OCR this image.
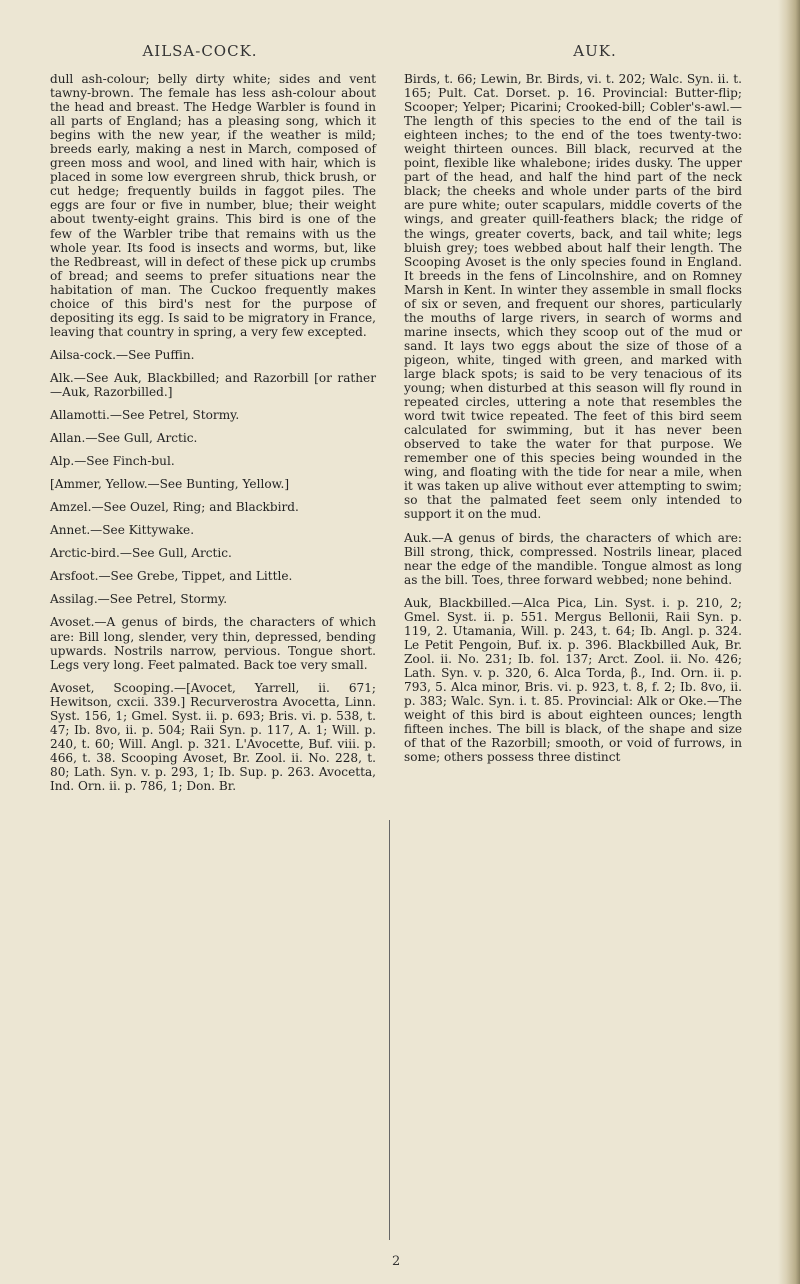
AILSA-COCK.	AUK.

dull ash-colour; belly dirty white; sides and vent tawny-brown. The female has less ash-colour about the head and breast. The Hedge Warbler is found in all parts of England; has a pleasing song, which it begins with the new year, if the weather is mild; breeds early, making a nest in March, composed of green moss and wool, and lined with hair, which is placed in some low evergreen shrub, thick brush, or cut hedge; frequently builds in faggot piles. The eggs are four or five in number, blue; their weight about twenty-eight grains. This bird is one of the few of the Warbler tribe that remains with us the whole year. Its food is insects and worms, but, like the Redbreast, will in defect of these pick up crumbs of bread; and seems to prefer situations near the habitation of man. The Cuckoo frequently makes choice of this bird's nest for the purpose of depositing its egg. Is said to be migratory in France, leaving that country in spring, a very few excepted.

Ailsa-cock.—See Puffin.

Alk.—See Auk, Blackbilled; and Razorbill [or rather—Auk, Razorbilled.]

Allamotti.—See Petrel, Stormy.

Allan.—See Gull, Arctic.

Alp.—See Finch-bul.

[Ammer, Yellow.—See Bunting, Yellow.]

Amzel.—See Ouzel, Ring; and Blackbird.

Annet.—See Kittywake.

Arctic-bird.—See Gull, Arctic.

Arsfoot.—See Grebe, Tippet, and Little.

Assilag.—See Petrel, Stormy.

Avoset.—A genus of birds, the characters of which are: Bill long, slender, very thin, depressed, bending upwards. Nostrils narrow, pervious. Tongue short. Legs very long. Feet palmated. Back toe very small.

Avoset, Scooping.—[Avocet, Yarrell, ii. 671; Hewitson, cxcii. 339.] Recurverostra Avocetta, Linn. Syst. 156, 1; Gmel. Syst. ii. p. 693; Bris. vi. p. 538, t. 47; Ib. 8vo, ii. p. 504; Raii Syn. p. 117, A. 1; Will. p. 240, t. 60; Will. Angl. p. 321. L'Avocette, Buf. viii. p. 466, t. 38. Scooping Avoset, Br. Zool. ii. No. 228, t. 80; Lath. Syn. v. p. 293, 1; Ib. Sup. p. 263. Avocetta, Ind. Orn. ii. p. 786, 1; Don. Br.

Birds, t. 66; Lewin, Br. Birds, vi. t. 202; Walc. Syn. ii. t. 165; Pult. Cat. Dorset. p. 16. Provincial: Butter-flip; Scooper; Yelper; Picarini; Crooked-bill; Cobler's-awl.—The length of this species to the end of the tail is eighteen inches; to the end of the toes twenty-two: weight thirteen ounces. Bill black, recurved at the point, flexible like whalebone; irides dusky. The upper part of the head, and half the hind part of the neck black; the cheeks and whole under parts of the bird are pure white; outer scapulars, middle coverts of the wings, and greater quill-feathers black; the ridge of the wings, greater coverts, back, and tail white; legs bluish grey; toes webbed about half their length. The Scooping Avoset is the only species found in England. It breeds in the fens of Lincolnshire, and on Romney Marsh in Kent. In winter they assemble in small flocks of six or seven, and frequent our shores, particularly the mouths of large rivers, in search of worms and marine insects, which they scoop out of the mud or sand. It lays two eggs about the size of those of a pigeon, white, tinged with green, and marked with large black spots; is said to be very tenacious of its young; when disturbed at this season will fly round in repeated circles, uttering a note that resembles the word twit twice repeated. The feet of this bird seem calculated for swimming, but it has never been observed to take the water for that purpose. We remember one of this species being wounded in the wing, and floating with the tide for near a mile, when it was taken up alive without ever attempting to swim; so that the palmated feet seem only intended to support it on the mud.

Auk.—A genus of birds, the characters of which are: Bill strong, thick, compressed. Nostrils linear, placed near the edge of the mandible. Tongue almost as long as the bill. Toes, three forward webbed; none behind.

Auk, Blackbilled.—Alca Pica, Lin. Syst. i. p. 210, 2; Gmel. Syst. ii. p. 551. Mergus Bellonii, Raii Syn. p. 119, 2. Utamania, Will. p. 243, t. 64; Ib. Angl. p. 324. Le Petit Pengoin, Buf. ix. p. 396. Blackbilled Auk, Br. Zool. ii. No. 231; Ib. fol. 137; Arct. Zool. ii. No. 426; Lath. Syn. v. p. 320, 6. Alca Torda, β., Ind. Orn. ii. p. 793, 5. Alca minor, Bris. vi. p. 923, t. 8, f. 2; Ib. 8vo, ii. p. 383; Walc. Syn. i. t. 85. Provincial: Alk or Oke.—The weight of this bird is about eighteen ounces; length fifteen inches. The bill is black, of the shape and size of that of the Razorbill; smooth, or void of furrows, in some; others possess three distinct

2
